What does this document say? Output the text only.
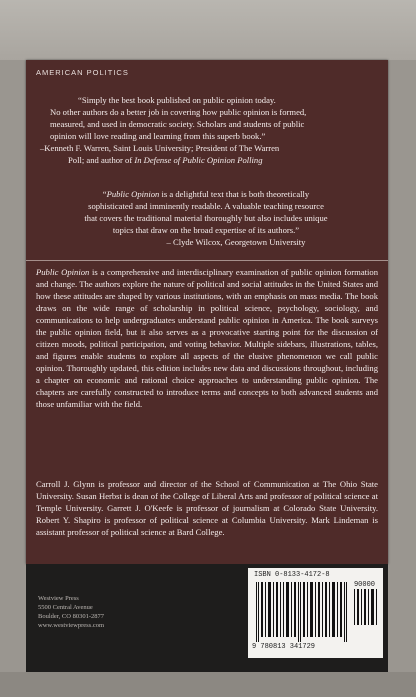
AMERICAN POLITICS
“Simply the best book published on public opinion today.
No other authors do a better job in covering how public opinion is formed,
measured, and used in democratic society. Scholars and students of public
opinion will love reading and learning from this superb book.”
–Kenneth F. Warren, Saint Louis University; President of The Warren
Poll; and author of In Defense of Public Opinion Polling
“Public Opinion is a delightful text that is both theoretically
sophisticated and imminently readable. A valuable teaching resource
that covers the traditional material thoroughly but also includes unique
topics that draw on the broad expertise of its authors.”
– Clyde Wilcox, Georgetown University
Public Opinion is a comprehensive and interdisciplinary examination of public opinion formation and change. The authors explore the nature of political and social attitudes in the United States and how these attitudes are shaped by various institutions, with an emphasis on mass media. The book draws on the wide range of scholarship in political science, psychology, sociology, and communications to help undergraduates understand public opinion in America. The book surveys the public opinion field, but it also serves as a provocative starting point for the discussion of citizen moods, political participation, and voting behavior. Multiple sidebars, illustrations, tables, and figures enable students to explore all aspects of the elusive phenomenon we call public opinion. Thoroughly updated, this edition includes new data and discussions throughout, including a chapter on economic and rational choice approaches to understanding public opinion. The chapters are carefully constructed to introduce terms and concepts to both advanced students and those unfamiliar with the field.
Carroll J. Glynn is professor and director of the School of Communication at The Ohio State University. Susan Herbst is dean of the College of Liberal Arts and professor of political science at Temple University. Garrett J. O'Keefe is professor of journalism at Colorado State University. Robert Y. Shapiro is professor of political science at Columbia University. Mark Lindeman is assistant professor of political science at Bard College.
Westview Press
5500 Central Avenue
Boulder, CO 80301-2877
www.westviewpress.com
ISBN 0-8133-4172-8
90000
9 780813 341729
